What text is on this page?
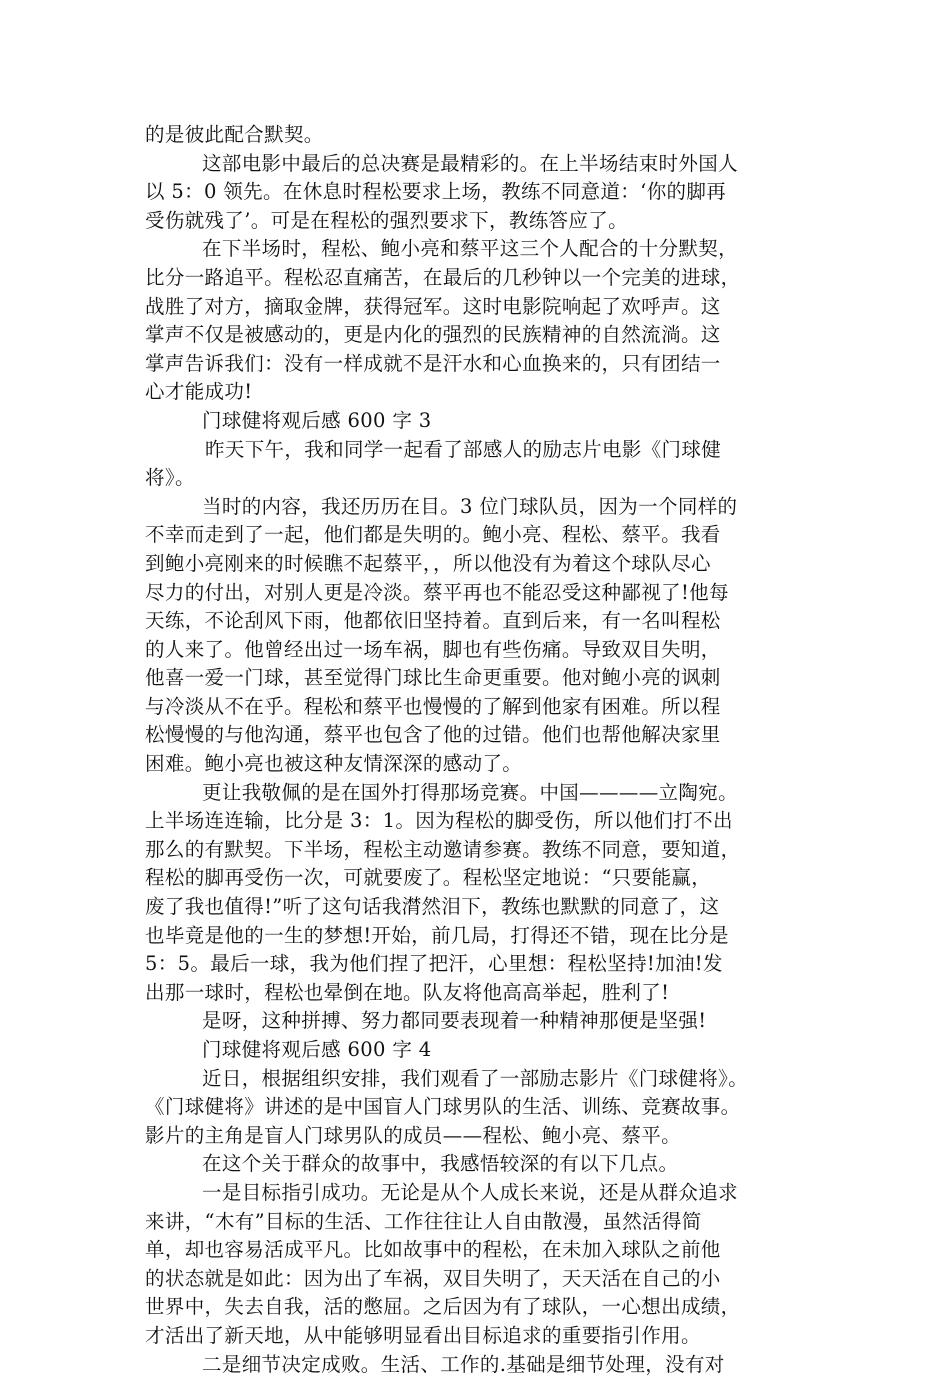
的是彼此配合默契。
这部电影中最后的总决赛是最精彩的。在上半场结束时外国人
以 5：0 领先。在休息时程松要求上场，教练不同意道：‘你的脚再
受伤就残了’。可是在程松的强烈要求下，教练答应了。
在下半场时，程松、鲍小亮和蔡平这三个人配合的十分默契，
比分一路追平。程松忍直痛苦，在最后的几秒钟以一个完美的进球，
战胜了对方，摘取金牌，获得冠军。这时电影院响起了欢呼声。这
掌声不仅是被感动的，更是内化的强烈的民族精神的自然流淌。这
掌声告诉我们：没有一样成就不是汗水和心血换来的，只有团结一
心才能成功!
门球健将观后感 600 字 3
昨天下午，我和同学一起看了部感人的励志片电影《门球健
将》。
当时的内容，我还历历在目。3 位门球队员，因为一个同样的
不幸而走到了一起，他们都是失明的。鲍小亮、程松、蔡平。我看
到鲍小亮刚来的时候瞧不起蔡平，，所以他没有为着这个球队尽心
尽力的付出，对别人更是冷淡。蔡平再也不能忍受这种鄙视了!他每
天练，不论刮风下雨，他都依旧坚持着。直到后来，有一名叫程松
的人来了。他曾经出过一场车祸，脚也有些伤痛。导致双目失明，
他喜一爱一门球，甚至觉得门球比生命更重要。他对鲍小亮的讽刺
与冷淡从不在乎。程松和蔡平也慢慢的了解到他家有困难。所以程
松慢慢的与他沟通，蔡平也包含了他的过错。他们也帮他解决家里
困难。鲍小亮也被这种友情深深的感动了。
更让我敬佩的是在国外打得那场竞赛。中国————立陶宛。
上半场连连输，比分是 3：1。因为程松的脚受伤，所以他们打不出
那么的有默契。下半场，程松主动邀请参赛。教练不同意，要知道，
程松的脚再受伤一次，可就要废了。程松坚定地说：“只要能赢，
废了我也值得!”听了这句话我潸然泪下，教练也默默的同意了，这
也毕竟是他的一生的梦想!开始，前几局，打得还不错，现在比分是
5：5。最后一球，我为他们捏了把汗，心里想：程松坚持!加油!发
出那一球时，程松也晕倒在地。队友将他高高举起，胜利了!
是呀，这种拼搏、努力都同要表现着一种精神那便是坚强!
门球健将观后感 600 字 4
近日，根据组织安排，我们观看了一部励志影片《门球健将》。
《门球健将》讲述的是中国盲人门球男队的生活、训练、竞赛故事。
影片的主角是盲人门球男队的成员——程松、鲍小亮、蔡平。
在这个关于群众的故事中，我感悟较深的有以下几点。
一是目标指引成功。无论是从个人成长来说，还是从群众追求
来讲，“木有”目标的生活、工作往往让人自由散漫，虽然活得简
单，却也容易活成平凡。比如故事中的程松，在未加入球队之前他
的状态就是如此：因为出了车祸，双目失明了，天天活在自己的小
世界中，失去自我，活的憋屈。之后因为有了球队，一心想出成绩，
才活出了新天地，从中能够明显看出目标追求的重要指引作用。
二是细节决定成败。生活、工作的.基础是细节处理，没有对
